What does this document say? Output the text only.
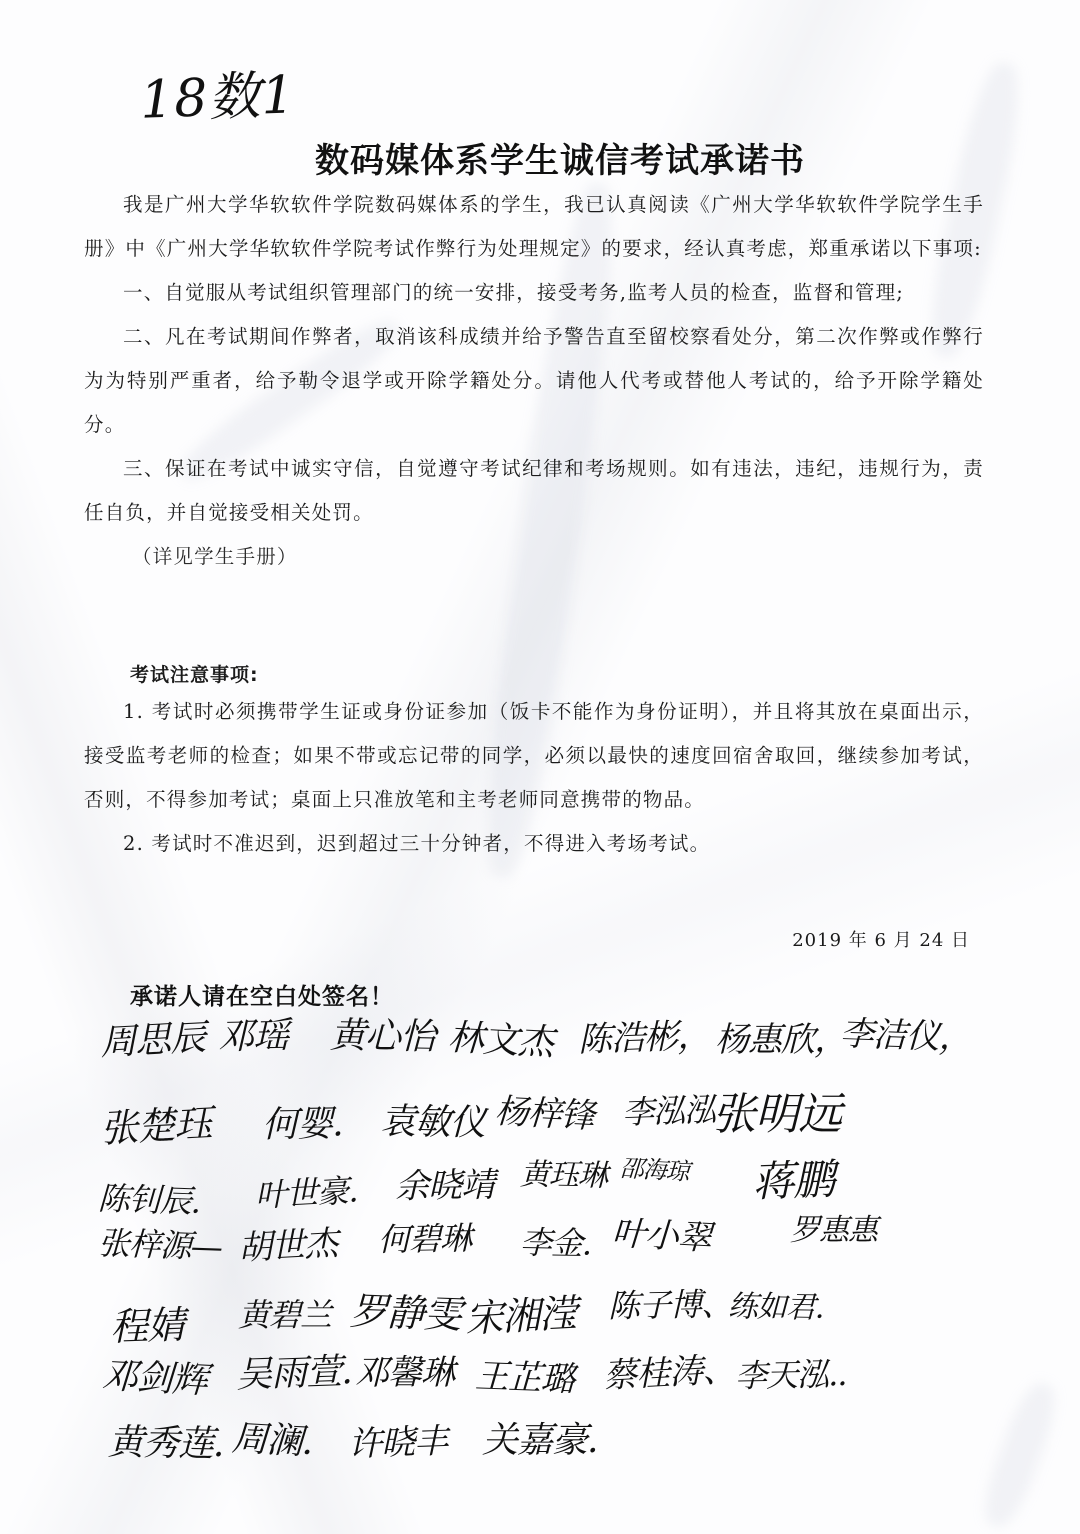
18数1
数码媒体系学生诚信考试承诺书

我是广州大学华软软件学院数码媒体系的学生，我已认真阅读《广州大学华软软件学院学生手册》中《广州大学华软软件学院考试作弊行为处理规定》的要求，经认真考虑，郑重承诺以下事项:

一、自觉服从考试组织管理部门的统一安排，接受考务,监考人员的检查，监督和管理;

二、凡在考试期间作弊者，取消该科成绩并给予警告直至留校察看处分，第二次作弊或作弊行为为特别严重者，给予勒令退学或开除学籍处分。请他人代考或替他人考试的，给予开除学籍处分。

三、保证在考试中诚实守信，自觉遵守考试纪律和考场规则。如有违法，违纪，违规行为，责任自负，并自觉接受相关处罚。

（详见学生手册）

考试注意事项:

1. 考试时必须携带学生证或身份证参加（饭卡不能作为身份证明），并且将其放在桌面出示，接受监考老师的检查；如果不带或忘记带的同学，必须以最快的速度回宿舍取回，继续参加考试，否则，不得参加考试；桌面上只准放笔和主考老师同意携带的物品。

2. 考试时不准迟到，迟到超过三十分钟者，不得进入考场考试。

2019 年 6 月 24 日
承诺人请在空白处签名！
周思辰 邓瑶 黄心怡 林文杰 陈浩彬， 杨惠欣，
李洁仪，
张楚珏 何婴. 袁敏仪 杨梓锋 李泓泓
张明远
陈钊辰. 叶世豪. 余晓靖 黄珏琳 邵海琼 蒋鹏
罗惠惠
张梓源— 胡世杰 何碧琳 李金. 叶小翠
程婧 黄碧兰 罗静雯 宋湘滢 陈子博、
练如君.
邓剑辉 吴雨萱. 邓馨琳 王芷璐 蔡桂涛、
李天泓..
黄秀莲. 周澜. 许晓丰 关嘉豪.
